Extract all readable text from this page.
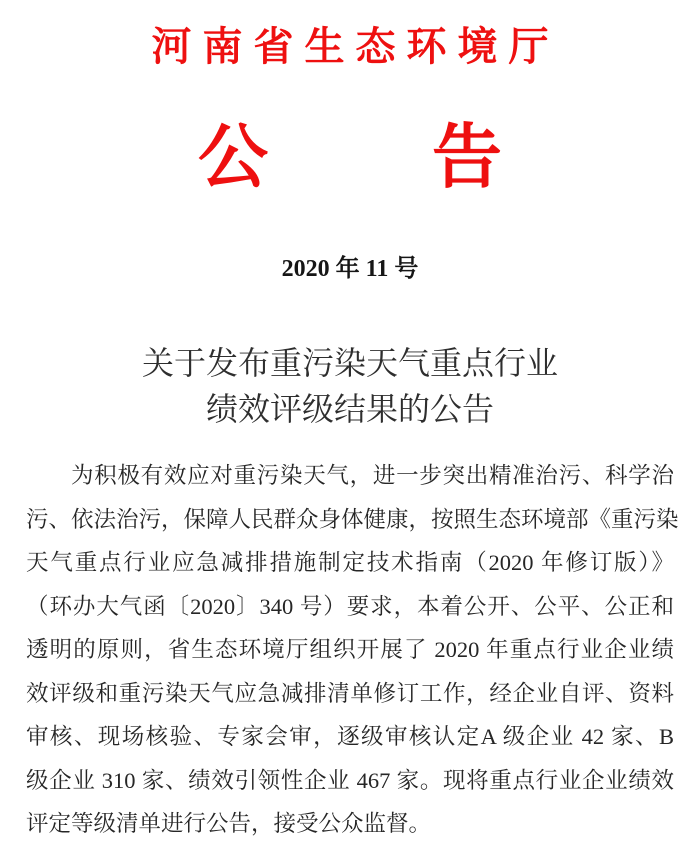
河南省生态环境厅
公　　告
2020 年 11 号
关于发布重污染天气重点行业
绩效评级结果的公告
为积极有效应对重污染天气，进一步突出精准治污、科学治
污、依法治污，保障人民群众身体健康，按照生态环境部《重污染
天气重点行业应急减排措施制定技术指南（2020 年修订版）》
（环办大气函〔2020〕340 号）要求，本着公开、公平、公正和
透明的原则，省生态环境厅组织开展了 2020 年重点行业企业绩
效评级和重污染天气应急减排清单修订工作，经企业自评、资料
审核、现场核验、专家会审，逐级审核认定A 级企业 42 家、B
级企业 310 家、绩效引领性企业 467 家。现将重点行业企业绩效
评定等级清单进行公告，接受公众监督。
